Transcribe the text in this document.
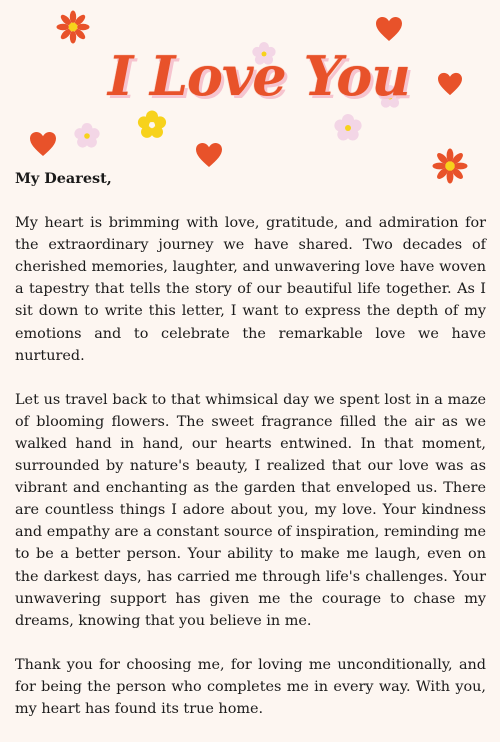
I Love You

My Dearest,

My heart is brimming with love, gratitude, and admiration for the extraordinary journey we have shared. Two decades of cherished memories, laughter, and unwavering love have woven a tapestry that tells the story of our beautiful life together. As I sit down to write this letter, I want to express the depth of my emotions and to celebrate the remarkable love we have nurtured.

Let us travel back to that whimsical day we spent lost in a maze of blooming flowers. The sweet fragrance filled the air as we walked hand in hand, our hearts entwined. In that moment, surrounded by nature's beauty, I realized that our love was as vibrant and enchanting as the garden that enveloped us. There are countless things I adore about you, my love. Your kindness and empathy are a constant source of inspiration, reminding me to be a better person. Your ability to make me laugh, even on the darkest days, has carried me through life's challenges. Your unwavering support has given me the courage to chase my dreams, knowing that you believe in me.

Thank you for choosing me, for loving me unconditionally, and for being the person who completes me in every way. With you, my heart has found its true home.
